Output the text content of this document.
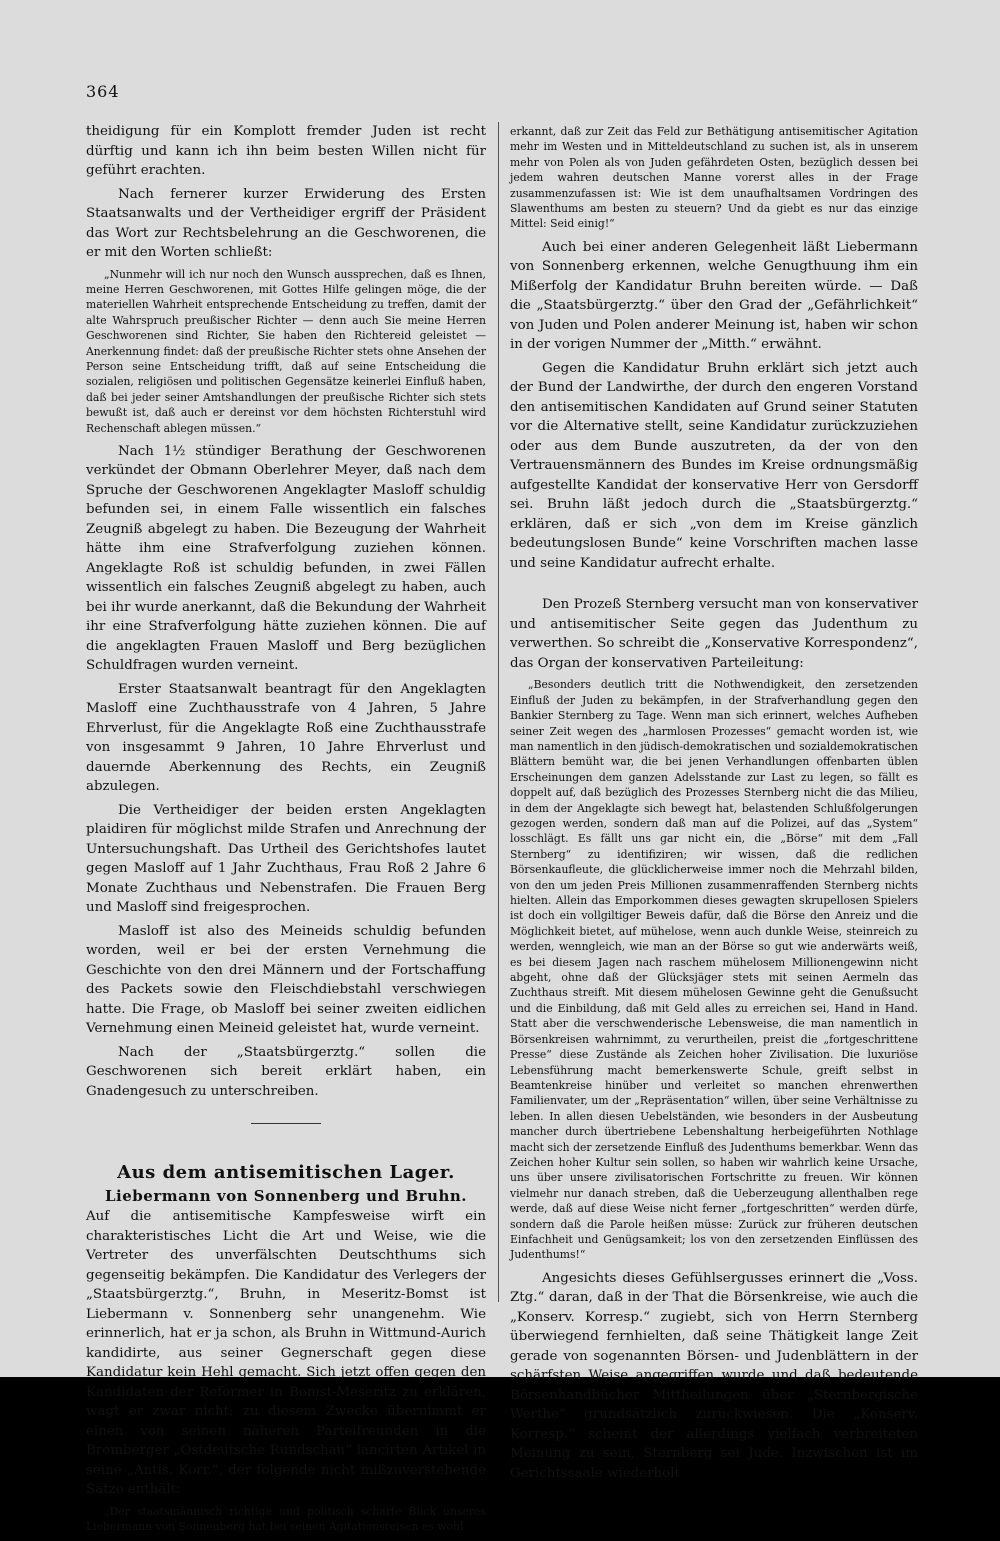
364

theidigung für ein Komplott fremder Juden ist recht dürftig und kann ich ihn beim besten Willen nicht für geführt erachten.

Nach fernerer kurzer Erwiderung des Ersten Staatsanwalts und der Vertheidiger ergriff der Präsident das Wort zur Rechtsbelehrung an die Geschworenen, die er mit den Worten schließt:

„Nunmehr will ich nur noch den Wunsch aussprechen, daß es Ihnen, meine Herren Geschworenen, mit Gottes Hilfe gelingen möge, die der materiellen Wahrheit entsprechende Entscheidung zu treffen, damit der alte Wahrspruch preußischer Richter — denn auch Sie meine Herren Geschworenen sind Richter, Sie haben den Richtereid geleistet — Anerkennung findet: daß der preußische Richter stets ohne Ansehen der Person seine Entscheidung trifft, daß auf seine Entscheidung die sozialen, religiösen und politischen Gegensätze keinerlei Einfluß haben, daß bei jeder seiner Amtshandlungen der preußische Richter sich stets bewußt ist, daß auch er dereinst vor dem höchsten Richterstuhl wird Rechenschaft ablegen müssen.“

Nach 1½ stündiger Berathung der Geschworenen verkündet der Obmann Oberlehrer Meyer, daß nach dem Spruche der Geschworenen Angeklagter Masloff schuldig befunden sei, in einem Falle wissentlich ein falsches Zeugniß abgelegt zu haben. Die Bezeugung der Wahrheit hätte ihm eine Strafverfolgung zuziehen können. Angeklagte Roß ist schuldig befunden, in zwei Fällen wissentlich ein falsches Zeugniß abgelegt zu haben, auch bei ihr wurde anerkannt, daß die Bekundung der Wahrheit ihr eine Strafverfolgung hätte zuziehen können. Die auf die angeklagten Frauen Masloff und Berg bezüglichen Schuldfragen wurden verneint.

Erster Staatsanwalt beantragt für den Angeklagten Masloff eine Zuchthausstrafe von 4 Jahren, 5 Jahre Ehrverlust, für die Angeklagte Roß eine Zuchthausstrafe von insgesammt 9 Jahren, 10 Jahre Ehrverlust und dauernde Aberkennung des Rechts, ein Zeugniß abzulegen.

Die Vertheidiger der beiden ersten Angeklagten plaidiren für möglichst milde Strafen und Anrechnung der Untersuchungshaft. Das Urtheil des Gerichtshofes lautet gegen Masloff auf 1 Jahr Zuchthaus, Frau Roß 2 Jahre 6 Monate Zuchthaus und Nebenstrafen. Die Frauen Berg und Masloff sind freigesprochen.

Masloff ist also des Meineids schuldig befunden worden, weil er bei der ersten Vernehmung die Geschichte von den drei Männern und der Fortschaffung des Packets sowie den Fleischdiebstahl verschwiegen hatte. Die Frage, ob Masloff bei seiner zweiten eidlichen Vernehmung einen Meineid geleistet hat, wurde verneint.

Nach der „Staatsbürgerztg.“ sollen die Geschworenen sich bereit erklärt haben, ein Gnadengesuch zu unterschreiben.

Aus dem antisemitischen Lager.
Liebermann von Sonnenberg und Bruhn.

Auf die antisemitische Kampfesweise wirft ein charakteristisches Licht die Art und Weise, wie die Vertreter des unverfälschten Deutschthums sich gegenseitig bekämpfen. Die Kandidatur des Verlegers der „Staatsbürgerztg.“, Bruhn, in Meseritz-Bomst ist Liebermann v. Sonnenberg sehr unangenehm. Wie erinnerlich, hat er ja schon, als Bruhn in Wittmund-Aurich kandidirte, aus seiner Gegnerschaft gegen diese Kandidatur kein Hehl gemacht. Sich jetzt offen gegen den Kandidaten der Reformer in Bomst-Meseritz zu erklären, wagt er zwar nicht; zu diesem Zwecke übernimmt er einen von seinen näheren Parteifreunden in die Bromberger „Ostdeutsche Rundschau“ lancirten Artikel in seine „Antis. Korr.“, der folgende nicht mißzuverstehende Sätze enthält:

„Der staatsmännisch richtige und politisch scharfe Blick unseres Liebermann von Sonnenberg hat bei seinen Agitationsreisen es wohl

erkannt, daß zur Zeit das Feld zur Bethätigung antisemitischer Agitation mehr im Westen und in Mitteldeutschland zu suchen ist, als in unserem mehr von Polen als von Juden gefährdeten Osten, bezüglich dessen bei jedem wahren deutschen Manne vorerst alles in der Frage zusammenzufassen ist: Wie ist dem unaufhaltsamen Vordringen des Slawenthums am besten zu steuern? Und da giebt es nur das einzige Mittel: Seid einig!“

Auch bei einer anderen Gelegenheit läßt Liebermann von Sonnenberg erkennen, welche Genugthuung ihm ein Mißerfolg der Kandidatur Bruhn bereiten würde. — Daß die „Staatsbürgerztg.“ über den Grad der „Gefährlichkeit“ von Juden und Polen anderer Meinung ist, haben wir schon in der vorigen Nummer der „Mitth.“ erwähnt.

Gegen die Kandidatur Bruhn erklärt sich jetzt auch der Bund der Landwirthe, der durch den engeren Vorstand den antisemitischen Kandidaten auf Grund seiner Statuten vor die Alternative stellt, seine Kandidatur zurückzuziehen oder aus dem Bunde auszutreten, da der von den Vertrauensmännern des Bundes im Kreise ordnungsmäßig aufgestellte Kandidat der konservative Herr von Gersdorff sei. Bruhn läßt jedoch durch die „Staatsbürgerztg.“ erklären, daß er sich „von dem im Kreise gänzlich bedeutungslosen Bunde“ keine Vorschriften machen lasse und seine Kandidatur aufrecht erhalte.

Den Prozeß Sternberg versucht man von konservativer und antisemitischer Seite gegen das Judenthum zu verwerthen. So schreibt die „Konservative Korrespondenz“, das Organ der konservativen Parteileitung:

„Besonders deutlich tritt die Nothwendigkeit, den zersetzenden Einfluß der Juden zu bekämpfen, in der Strafverhandlung gegen den Bankier Sternberg zu Tage. Wenn man sich erinnert, welches Aufheben seiner Zeit wegen des „harmlosen Prozesses“ gemacht worden ist, wie man namentlich in den jüdisch-demokratischen und sozialdemokratischen Blättern bemüht war, die bei jenen Verhandlungen offenbarten üblen Erscheinungen dem ganzen Adelsstande zur Last zu legen, so fällt es doppelt auf, daß bezüglich des Prozesses Sternberg nicht die das Milieu, in dem der Angeklagte sich bewegt hat, belastenden Schlußfolgerungen gezogen werden, sondern daß man auf die Polizei, auf das „System“ losschlägt. Es fällt uns gar nicht ein, die „Börse“ mit dem „Fall Sternberg“ zu identifiziren; wir wissen, daß die redlichen Börsenkaufleute, die glücklicherweise immer noch die Mehrzahl bilden, von den um jeden Preis Millionen zusammenraffenden Sternberg nichts hielten. Allein das Emporkommen dieses gewagten skrupellosen Spielers ist doch ein vollgiltiger Beweis dafür, daß die Börse den Anreiz und die Möglichkeit bietet, auf mühelose, wenn auch dunkle Weise, steinreich zu werden, wenngleich, wie man an der Börse so gut wie anderwärts weiß, es bei diesem Jagen nach raschem mühelosem Millionengewinn nicht abgeht, ohne daß der Glücksjäger stets mit seinen Aermeln das Zuchthaus streift. Mit diesem mühelosen Gewinne geht die Genußsucht und die Einbildung, daß mit Geld alles zu erreichen sei, Hand in Hand. Statt aber die verschwenderische Lebensweise, die man namentlich in Börsenkreisen wahrnimmt, zu verurtheilen, preist die „fortgeschrittene Presse“ diese Zustände als Zeichen hoher Zivilisation. Die luxuriöse Lebensführung macht bemerkenswerte Schule, greift selbst in Beamtenkreise hinüber und verleitet so manchen ehrenwerthen Familienvater, um der „Repräsentation“ willen, über seine Verhältnisse zu leben. In allen diesen Uebelständen, wie besonders in der Ausbeutung mancher durch übertriebene Lebenshaltung herbeigeführten Nothlage macht sich der zersetzende Einfluß des Judenthums bemerkbar. Wenn das Zeichen hoher Kultur sein sollen, so haben wir wahrlich keine Ursache, uns über unsere zivilisatorischen Fortschritte zu freuen. Wir können vielmehr nur danach streben, daß die Ueberzeugung allenthalben rege werde, daß auf diese Weise nicht ferner „fortgeschritten“ werden dürfe, sondern daß die Parole heißen müsse: Zurück zur früheren deutschen Einfachheit und Genügsamkeit; los von den zersetzenden Einflüssen des Judenthums!“

Angesichts dieses Gefühlsergusses erinnert die „Voss. Ztg.“ daran, daß in der That die Börsenkreise, wie auch die „Konserv. Korresp.“ zugiebt, sich von Herrn Sternberg überwiegend fernhielten, daß seine Thätigkeit lange Zeit gerade von sogenannten Börsen- und Judenblättern in der schärfsten Weise angegriffen wurde und daß bedeutende Börsenhandbücher Mittheilungen über „Sternbergische Werthe“ grundsätzlich zurückwiesen. Die „Konserv. Korresp.“ scheint der allerdings vielfach verbreiteten Meinung zu sein, Sternberg sei Jude. Inzwischen ist im Gerichtssaale wiederholt
